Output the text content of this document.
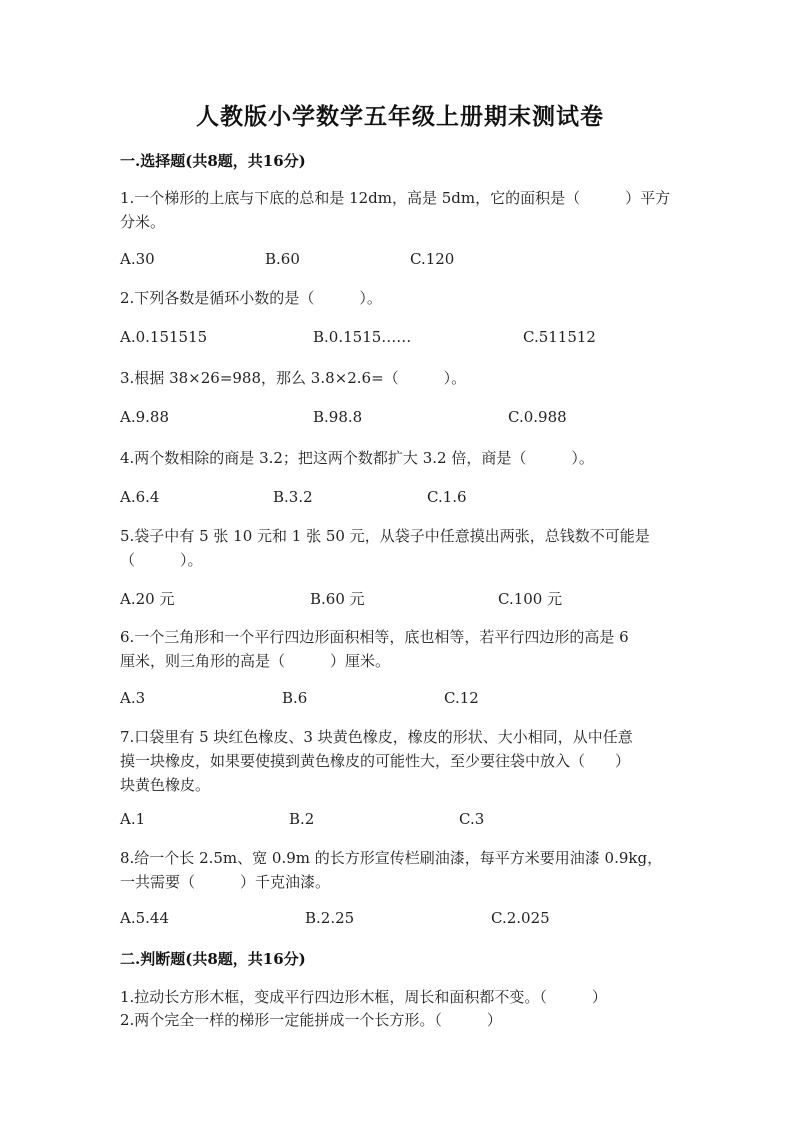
人教版小学数学五年级上册期末测试卷
一.选择题(共8题，共16分)
1.一个梯形的上底与下底的总和是 12dm，高是 5dm，它的面积是（　　　）平方
分米。
A.30	B.60	C.120
2.下列各数是循环小数的是（　　　）。
A.0.151515	B.0.1515……	C.511512
3.根据 38×26=988，那么 3.8×2.6=（　　　）。
A.9.88	B.98.8	C.0.988
4.两个数相除的商是 3.2；把这两个数都扩大 3.2 倍，商是（　　　）。
A.6.4	B.3.2	C.1.6
5.袋子中有 5 张 10 元和 1 张 50 元，从袋子中任意摸出两张，总钱数不可能是
（　　　）。
A.20 元	B.60 元	C.100 元
6.一个三角形和一个平行四边形面积相等，底也相等，若平行四边形的高是 6
厘米，则三角形的高是（　　　）厘米。
A.3	B.6	C.12
7.口袋里有 5 块红色橡皮、3 块黄色橡皮，橡皮的形状、大小相同，从中任意
摸一块橡皮，如果要使摸到黄色橡皮的可能性大，至少要往袋中放入（　　）
块黄色橡皮。
A.1	B.2	C.3
8.给一个长 2.5m、宽 0.9m 的长方形宣传栏刷油漆，每平方米要用油漆 0.9kg，
一共需要（　　　）千克油漆。
A.5.44	B.2.25	C.2.025
二.判断题(共8题，共16分)
1.拉动长方形木框，变成平行四边形木框，周长和面积都不变。（　　　）
2.两个完全一样的梯形一定能拼成一个长方形。（　　　）
